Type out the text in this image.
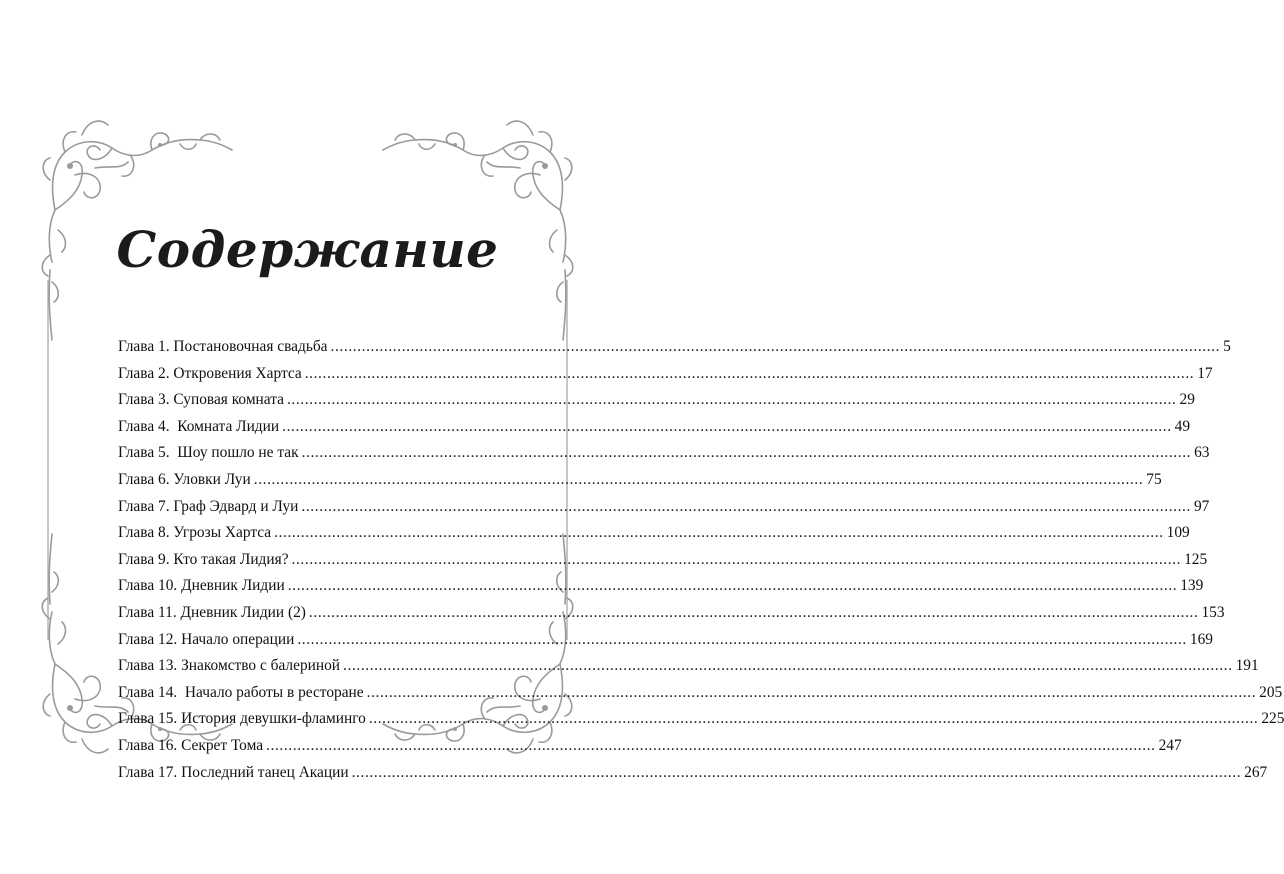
Содержание
Глава 1. Постановочная свадьба ........................................................................................................................................................................................................ 5
Глава 2. Откровения Хартса ........................................................................................................................................................................................................ 17
Глава 3. Суповая комната ........................................................................................................................................................................................................ 29
Глава 4.  Комната Лидии ........................................................................................................................................................................................................ 49
Глава 5.  Шоу пошло не так ........................................................................................................................................................................................................ 63
Глава 6. Уловки Луи ........................................................................................................................................................................................................ 75
Глава 7. Граф Эдвард и Луи ........................................................................................................................................................................................................ 97
Глава 8. Угрозы Хартса ........................................................................................................................................................................................................ 109
Глава 9. Кто такая Лидия? ........................................................................................................................................................................................................ 125
Глава 10. Дневник Лидии ........................................................................................................................................................................................................ 139
Глава 11. Дневник Лидии (2) ........................................................................................................................................................................................................ 153
Глава 12. Начало операции ........................................................................................................................................................................................................ 169
Глава 13. Знакомство с балериной ........................................................................................................................................................................................................ 191
Глава 14.  Начало работы в ресторане ........................................................................................................................................................................................................ 205
Глава 15. История девушки-фламинго ........................................................................................................................................................................................................ 225
Глава 16. Секрет Тома ........................................................................................................................................................................................................ 247
Глава 17. Последний танец Акации ........................................................................................................................................................................................................ 267
